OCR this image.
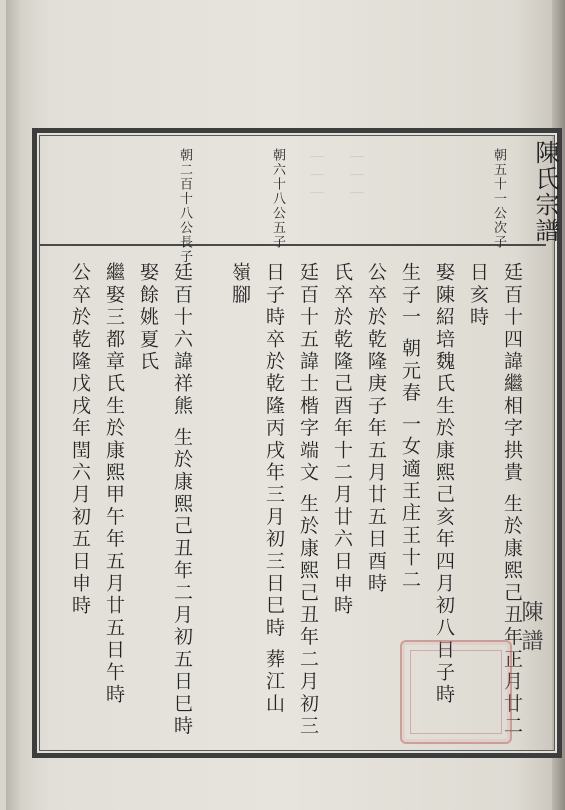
陳氏宗譜
｜｜｜
｜｜｜	朝五十一公次子
朝六十八公五子
朝二百十八公長子
廷百十四諱繼相字拱貴 生於康熙己丑年正月廿二
日亥時
娶陳紹培魏氏生於康熙己亥年四月初八日子時
生子一 朝元春 一女適王庄王十二
公卒於乾隆庚子年五月廿五日酉時
氏卒於乾隆己酉年十二月廿六日申時
廷百十五諱士楷字端文 生於康熙己丑年二月初三
日子時卒於乾隆丙戌年三月初三日巳時 葬江山
嶺腳
廷百十六諱祥熊 生於康熙己丑年二月初五日巳時
娶餘姚夏氏
繼娶三都章氏生於康熙甲午年五月廿五日午時
公卒於乾隆戊戌年閏六月初五日申時
陳 譜
